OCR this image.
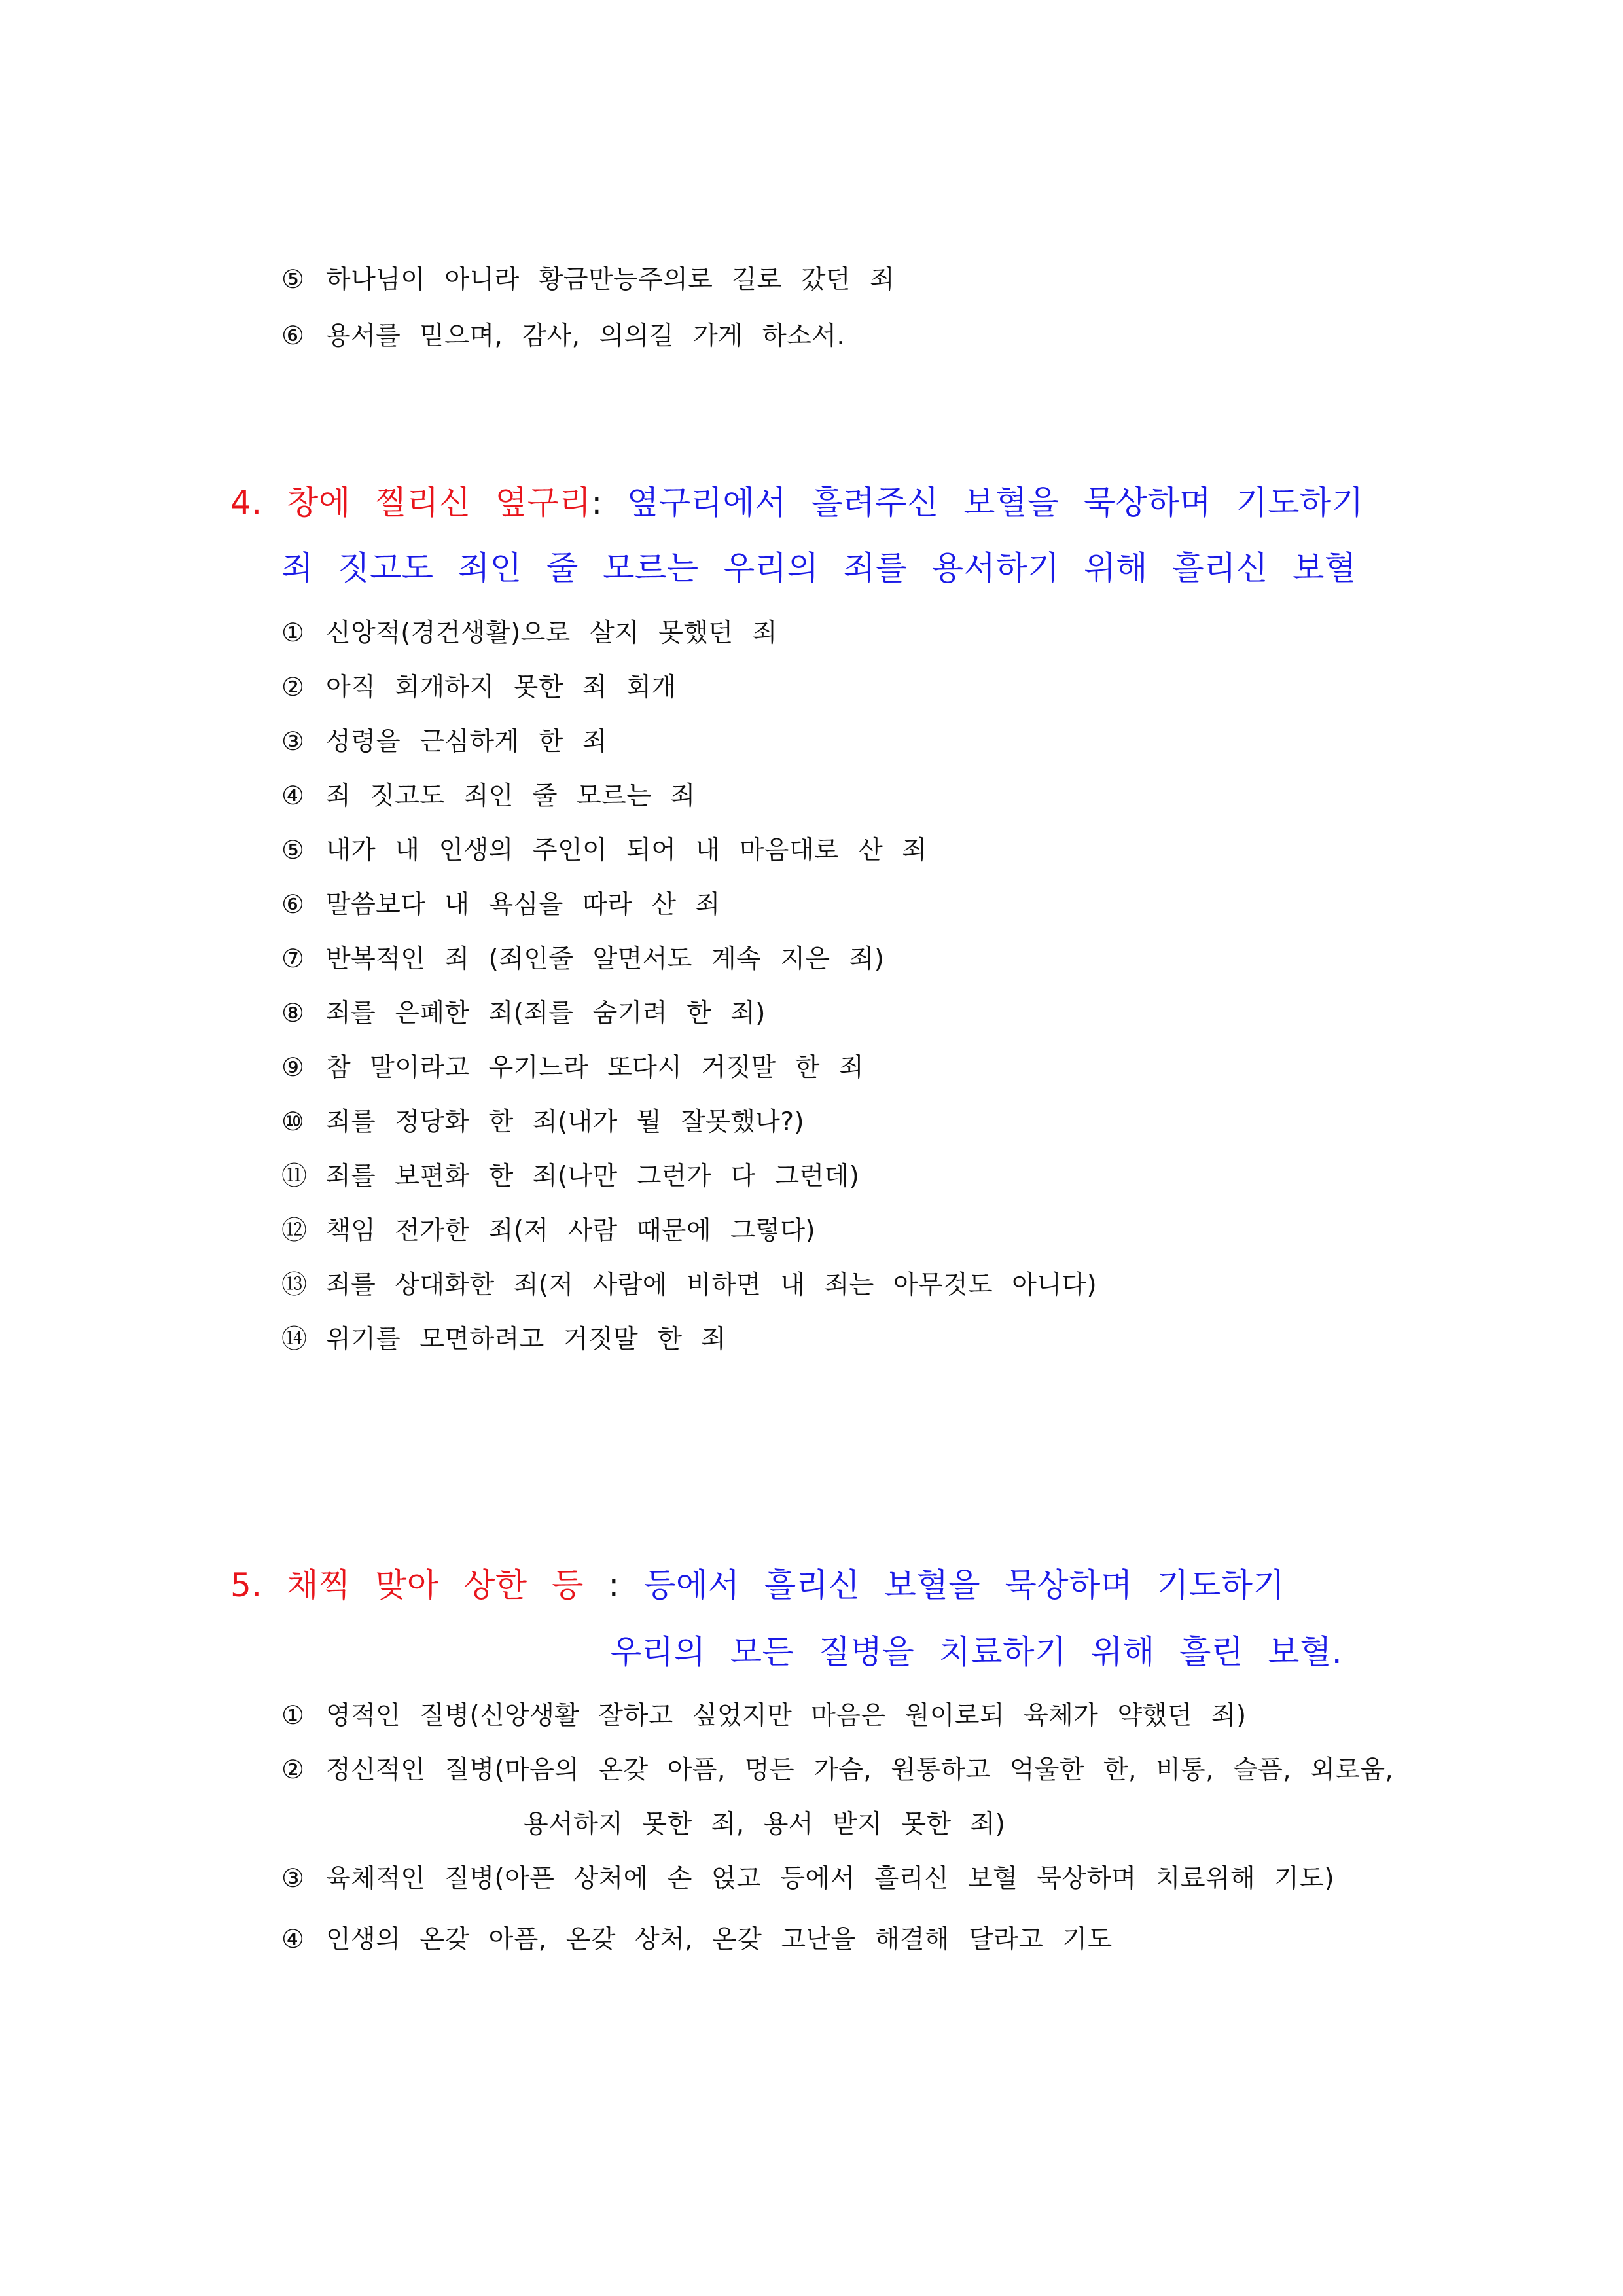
⑤ 하나님이 아니라 황금만능주의로 길로 갔던 죄
⑥ 용서를 믿으며, 감사, 의의길 가게 하소서.
4. 창에 찔리신 옆구리: 옆구리에서 흘려주신 보혈을 묵상하며 기도하기
죄 짓고도 죄인 줄 모르는 우리의 죄를 용서하기 위해 흘리신 보혈
① 신앙적(경건생활)으로 살지 못했던 죄
② 아직 회개하지 못한 죄 회개
③ 성령을 근심하게 한 죄
④ 죄 짓고도 죄인 줄 모르는 죄
⑤ 내가 내 인생의 주인이 되어 내 마음대로 산 죄
⑥ 말씀보다 내 욕심을 따라 산 죄
⑦ 반복적인 죄 (죄인줄 알면서도 계속 지은 죄)
⑧ 죄를 은폐한 죄(죄를 숨기려 한 죄)
⑨ 참 말이라고 우기느라 또다시 거짓말 한 죄
⑩ 죄를 정당화 한 죄(내가 뭘 잘못했나?)
⑪ 죄를 보편화 한 죄(나만 그런가 다 그런데)
⑫ 책임 전가한 죄(저 사람 때문에 그렇다)
⑬ 죄를 상대화한 죄(저 사람에 비하면 내 죄는 아무것도 아니다)
⑭ 위기를 모면하려고 거짓말 한 죄
5. 채찍 맞아 상한 등 : 등에서 흘리신 보혈을 묵상하며 기도하기
우리의 모든 질병을 치료하기 위해 흘린 보혈.
① 영적인 질병(신앙생활 잘하고 싶었지만 마음은 원이로되 육체가 약했던 죄)
② 정신적인 질병(마음의 온갖 아픔, 멍든 가슴, 원통하고 억울한 한, 비통, 슬픔, 외로움,
용서하지 못한 죄, 용서 받지 못한 죄)
③ 육체적인 질병(아픈 상처에 손 얹고 등에서 흘리신 보혈 묵상하며 치료위해 기도)
④ 인생의 온갖 아픔, 온갖 상처, 온갖 고난을 해결해 달라고 기도
